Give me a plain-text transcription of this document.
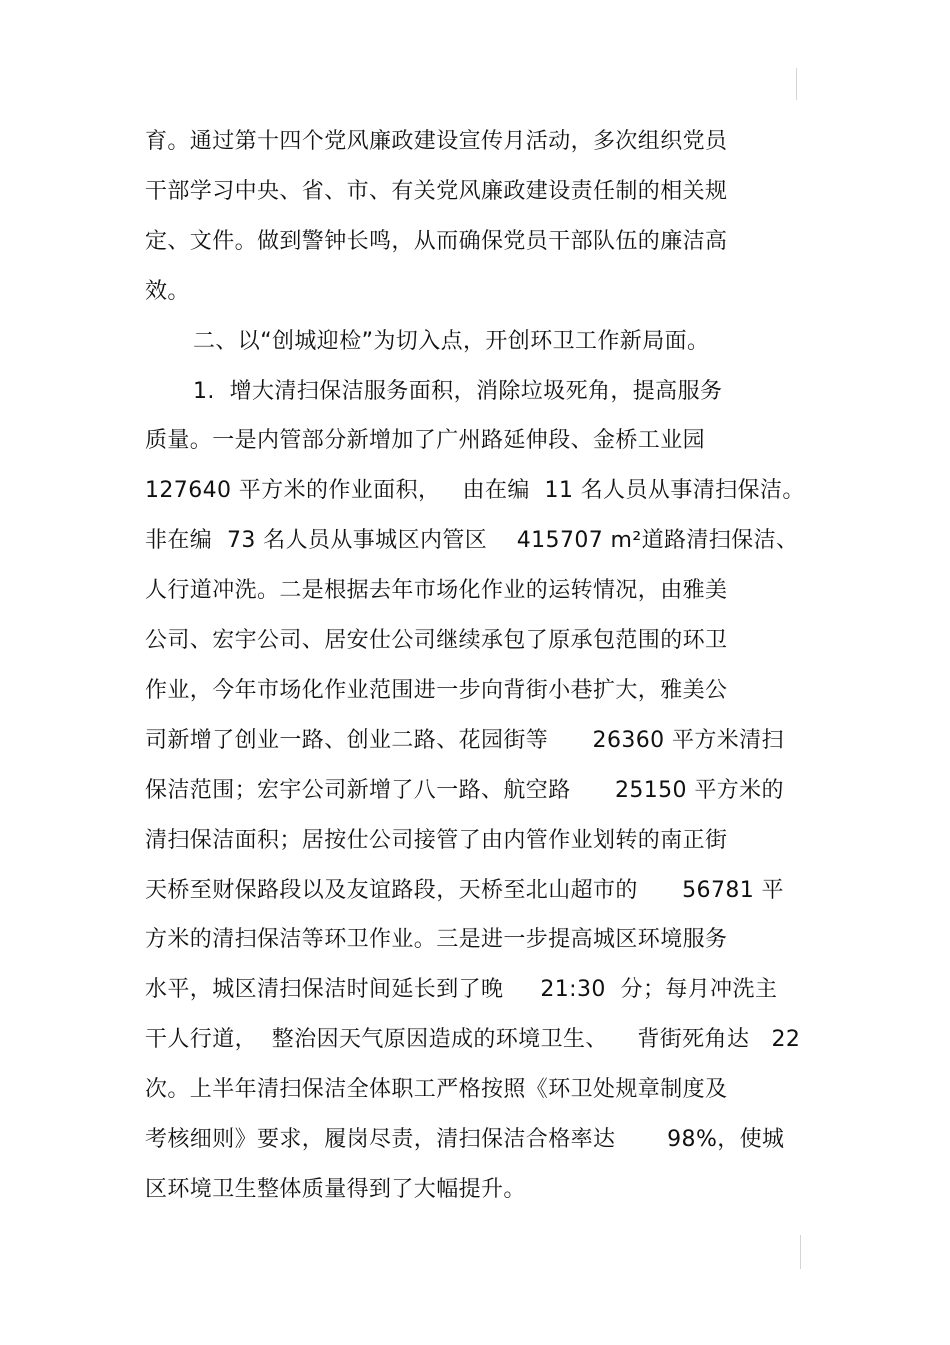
育。通过第十四个党风廉政建设宣传月活动，多次组织党员
干部学习中央、省、市、有关党风廉政建设责任制的相关规
定、文件。做到警钟长鸣，从而确保党员干部队伍的廉洁高
效。
二、以“创城迎检”为切入点，开创环卫工作新局面。
1.  增大清扫保洁服务面积，消除垃圾死角，提高服务
质量。一是内管部分新增加了广州路延伸段、金桥工业园
127640 平方米的作业面积，   由在编  11 名人员从事清扫保洁。
非在编  73 名人员从事城区内管区    415707 m²道路清扫保洁、
人行道冲洗。二是根据去年市场化作业的运转情况，由雅美
公司、宏宇公司、居安仕公司继续承包了原承包范围的环卫
作业，今年市场化作业范围进一步向背街小巷扩大，雅美公
司新增了创业一路、创业二路、花园街等      26360 平方米清扫
保洁范围；宏宇公司新增了八一路、航空路      25150 平方米的
清扫保洁面积；居按仕公司接管了由内管作业划转的南正街
天桥至财保路段以及友谊路段，天桥至北山超市的      56781 平
方米的清扫保洁等环卫作业。三是进一步提高城区环境服务
水平，城区清扫保洁时间延长到了晚     21:30  分；每月冲洗主
干人行道，  整治因天气原因造成的环境卫生、    背街死角达   22
次。上半年清扫保洁全体职工严格按照《环卫处规章制度及
考核细则》要求，履岗尽责，清扫保洁合格率达       98%，使城
区环境卫生整体质量得到了大幅提升。
